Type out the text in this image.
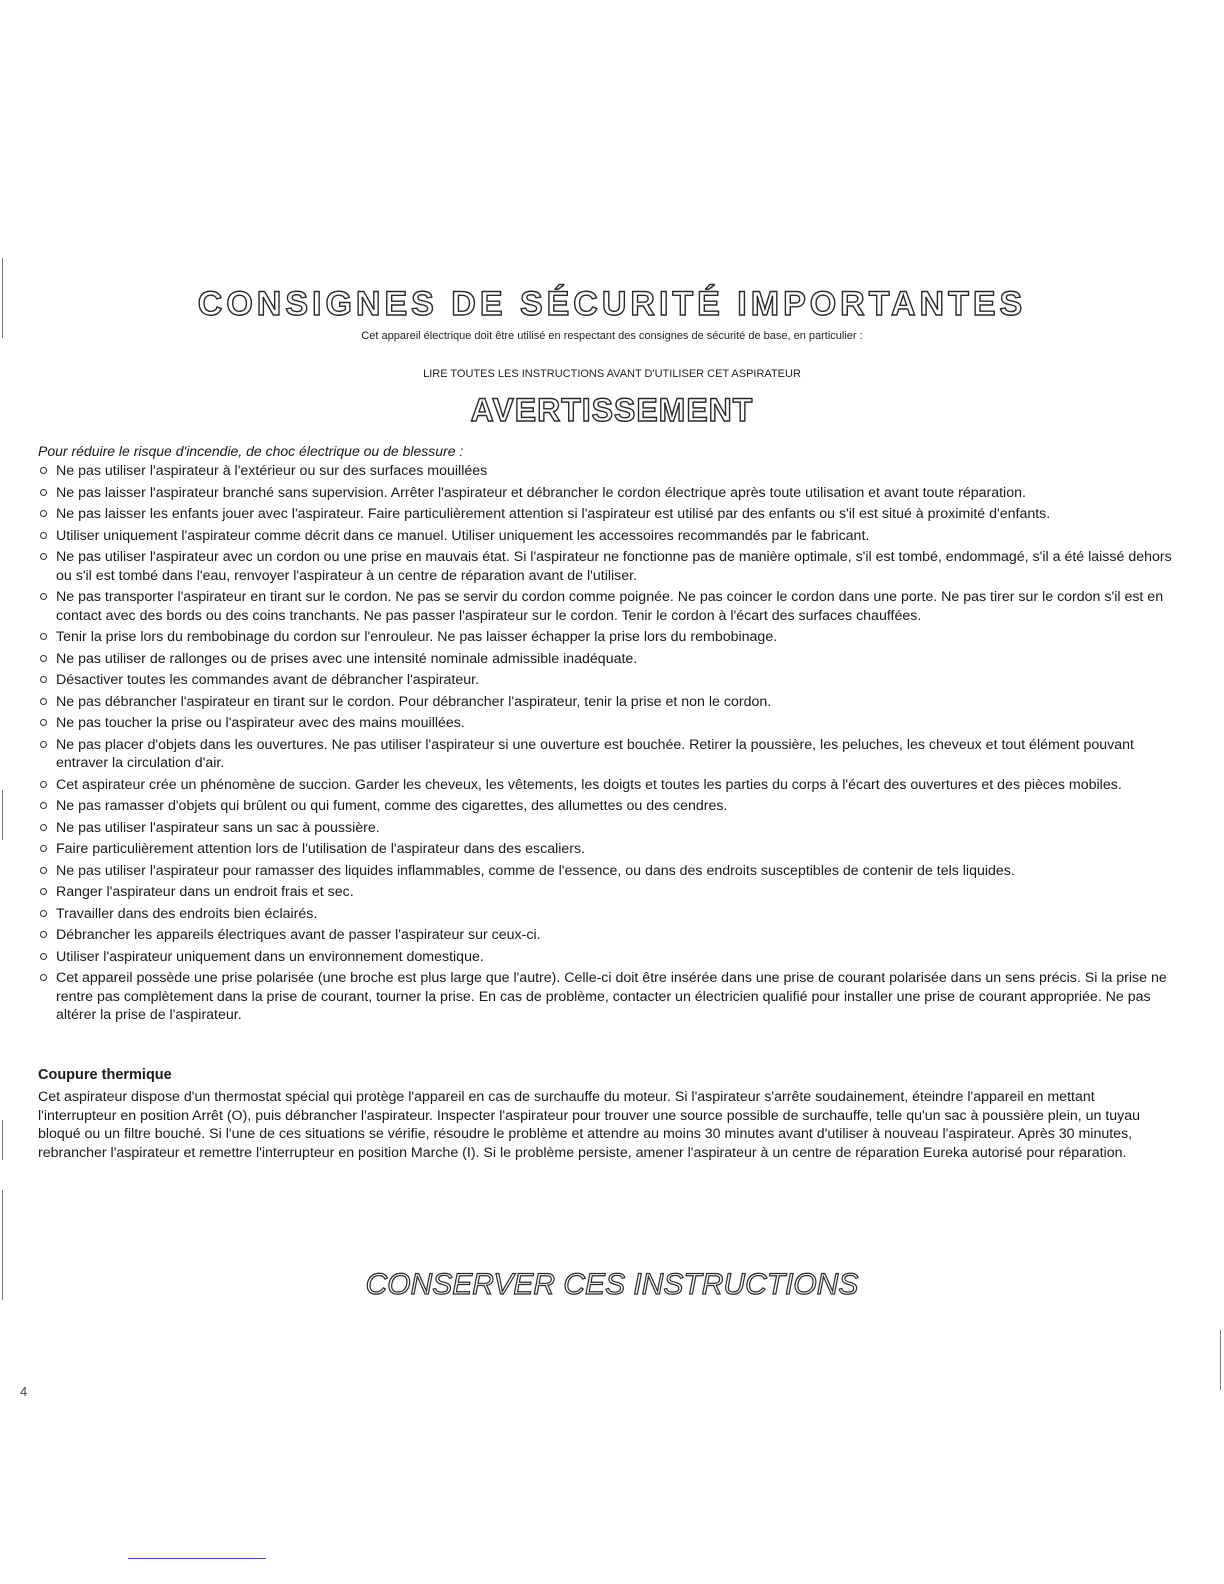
CONSIGNES DE SÉCURITÉ IMPORTANTES
Cet appareil électrique doit être utilisé en respectant des consignes de sécurité de base, en particulier :
LIRE TOUTES LES INSTRUCTIONS AVANT D'UTILISER CET ASPIRATEUR
AVERTISSEMENT
Pour réduire le risque d'incendie, de choc électrique ou de blessure :
Ne pas utiliser l'aspirateur à l'extérieur ou sur des surfaces mouillées
Ne pas laisser l'aspirateur branché sans supervision. Arrêter l'aspirateur et débrancher le cordon électrique après toute utilisation et avant toute réparation.
Ne pas laisser les enfants jouer avec l'aspirateur. Faire particulièrement attention si l'aspirateur est utilisé par des enfants ou s'il est situé à proximité d'enfants.
Utiliser uniquement l'aspirateur comme décrit dans ce manuel. Utiliser uniquement les accessoires recommandés par le fabricant.
Ne pas utiliser l'aspirateur avec un cordon ou une prise en mauvais état. Si l'aspirateur ne fonctionne pas de manière optimale, s'il est tombé, endommagé, s'il a été laissé dehors ou s'il est tombé dans l'eau, renvoyer l'aspirateur à un centre de réparation avant de l'utiliser.
Ne pas transporter l'aspirateur en tirant sur le cordon. Ne pas se servir du cordon comme poignée. Ne pas coincer le cordon dans une porte. Ne pas tirer sur le cordon s'il est en contact avec des bords ou des coins tranchants. Ne pas passer l'aspirateur sur le cordon. Tenir le cordon à l'écart des surfaces chauffées.
Tenir la prise lors du rembobinage du cordon sur l'enrouleur. Ne pas laisser échapper la prise lors du rembobinage.
Ne pas utiliser de rallonges ou de prises avec une intensité nominale admissible inadéquate.
Désactiver toutes les commandes avant de débrancher l'aspirateur.
Ne pas débrancher l'aspirateur en tirant sur le cordon. Pour débrancher l'aspirateur, tenir la prise et non le cordon.
Ne pas toucher la prise ou l'aspirateur avec des mains mouillées.
Ne pas placer d'objets dans les ouvertures. Ne pas utiliser l'aspirateur si une ouverture est bouchée. Retirer la poussière, les peluches, les cheveux et tout élément pouvant entraver la circulation d'air.
Cet aspirateur crée un phénomène de succion. Garder les cheveux, les vêtements, les doigts et toutes les parties du corps à l'écart des ouvertures et des pièces mobiles.
Ne pas ramasser d'objets qui brûlent ou qui fument, comme des cigarettes, des allumettes ou des cendres.
Ne pas utiliser l'aspirateur sans un sac à poussière.
Faire particulièrement attention lors de l'utilisation de l'aspirateur dans des escaliers.
Ne pas utiliser l'aspirateur pour ramasser des liquides inflammables, comme de l'essence, ou dans des endroits susceptibles de contenir de tels liquides.
Ranger l'aspirateur dans un endroit frais et sec.
Travailler dans des endroits bien éclairés.
Débrancher les appareils électriques avant de passer l'aspirateur sur ceux-ci.
Utiliser l'aspirateur uniquement dans un environnement domestique.
Cet appareil possède une prise polarisée (une broche est plus large que l'autre). Celle-ci doit être insérée dans une prise de courant polarisée dans un sens précis. Si la prise ne rentre pas complètement dans la prise de courant, tourner la prise. En cas de problème, contacter un électricien qualifié pour installer une prise de courant appropriée. Ne pas altérer la prise de l'aspirateur.
Coupure thermique
Cet aspirateur dispose d'un thermostat spécial qui protège l'appareil en cas de surchauffe du moteur. Si l'aspirateur s'arrête soudainement, éteindre l'appareil en mettant l'interrupteur en position Arrêt (O), puis débrancher l'aspirateur. Inspecter l'aspirateur pour trouver une source possible de surchauffe, telle qu'un sac à poussière plein, un tuyau bloqué ou un filtre bouché. Si l'une de ces situations se vérifie, résoudre le problème et attendre au moins 30 minutes avant d'utiliser à nouveau l'aspirateur. Après 30 minutes, rebrancher l'aspirateur et remettre l'interrupteur en position Marche (I). Si le problème persiste, amener l'aspirateur à un centre de réparation Eureka autorisé pour réparation.
CONSERVER CES INSTRUCTIONS
4
